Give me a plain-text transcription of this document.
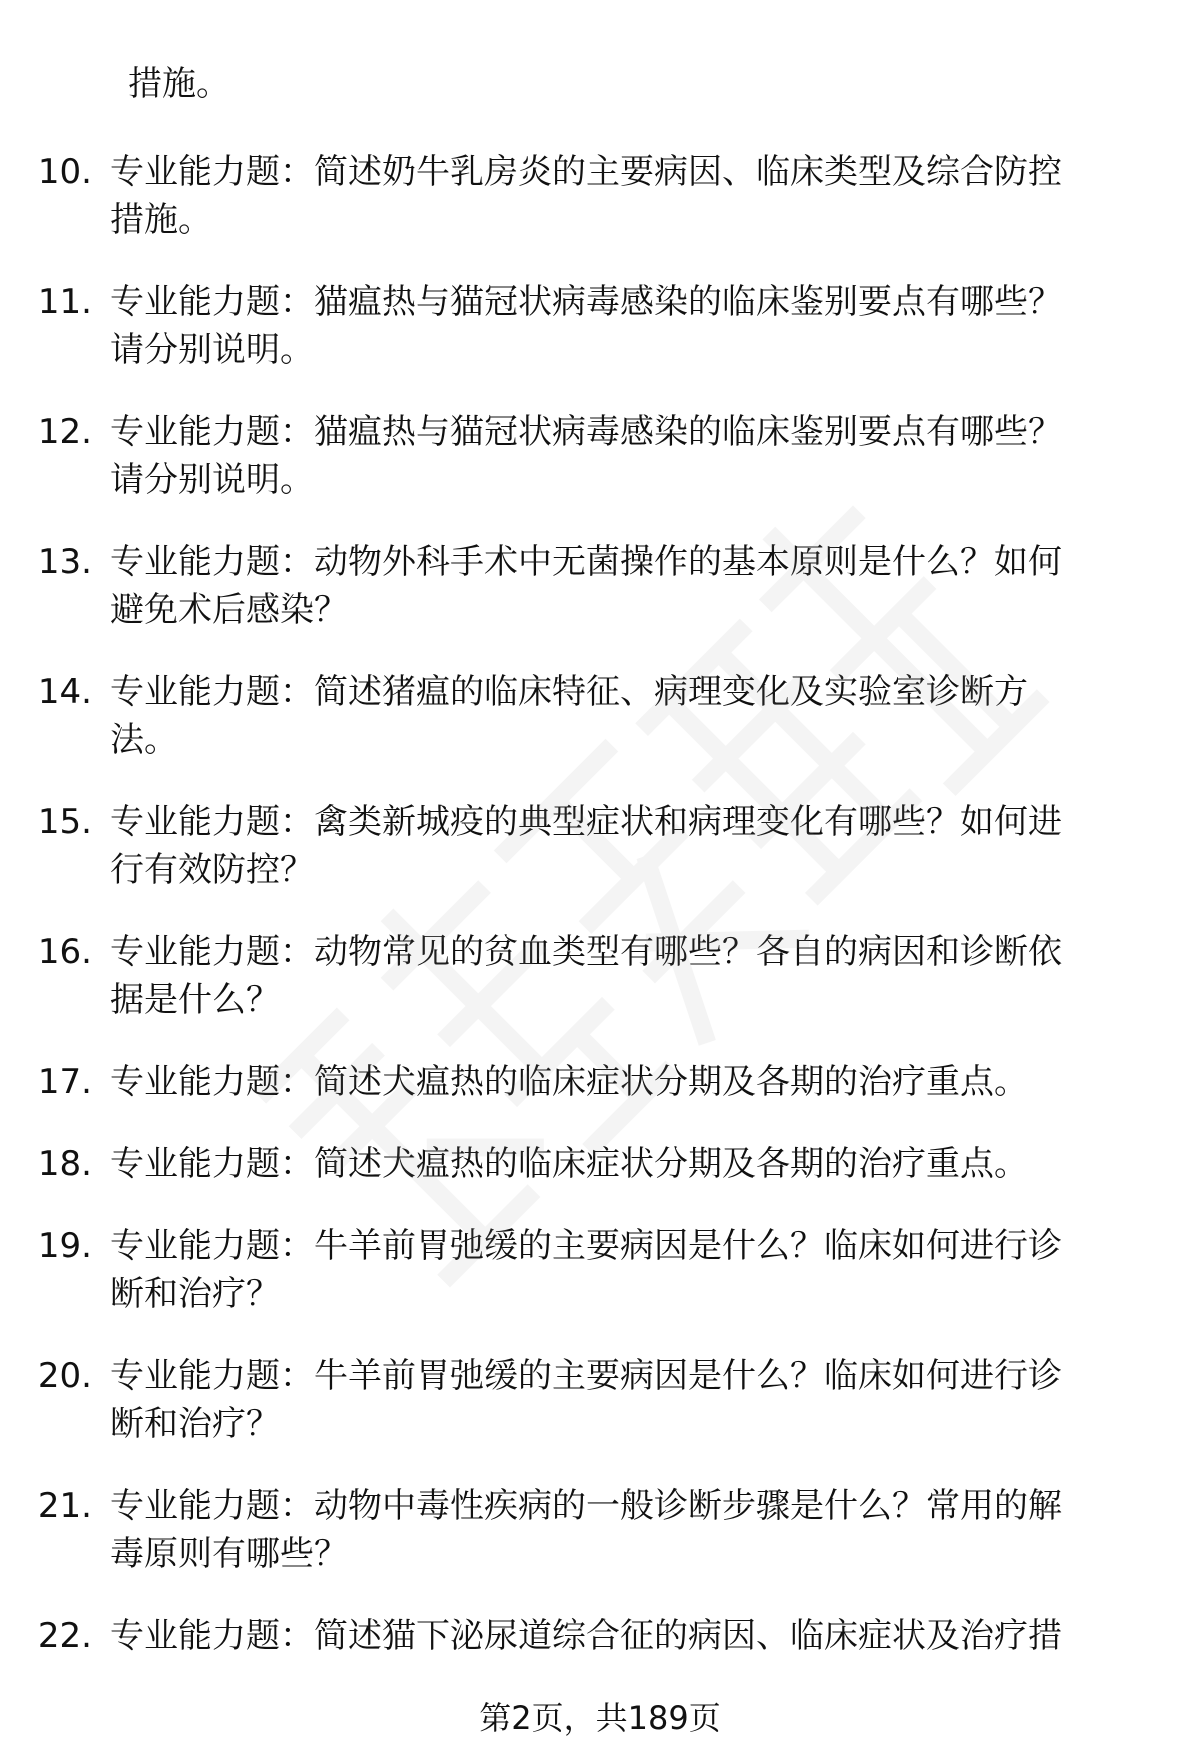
措施。
10. 专业能力题：简述奶牛乳房炎的主要病因、临床类型及综合防控
措施。
11. 专业能力题：猫瘟热与猫冠状病毒感染的临床鉴别要点有哪些？
请分别说明。
12. 专业能力题：猫瘟热与猫冠状病毒感染的临床鉴别要点有哪些？
请分别说明。
13. 专业能力题：动物外科手术中无菌操作的基本原则是什么？如何
避免术后感染？
14. 专业能力题：简述猪瘟的临床特征、病理变化及实验室诊断方
法。
15. 专业能力题：禽类新城疫的典型症状和病理变化有哪些？如何进
行有效防控？
16. 专业能力题：动物常见的贫血类型有哪些？各自的病因和诊断依
据是什么？
17. 专业能力题：简述犬瘟热的临床症状分期及各期的治疗重点。
18. 专业能力题：简述犬瘟热的临床症状分期及各期的治疗重点。
19. 专业能力题：牛羊前胃弛缓的主要病因是什么？临床如何进行诊
断和治疗？
20. 专业能力题：牛羊前胃弛缓的主要病因是什么？临床如何进行诊
断和治疗？
21. 专业能力题：动物中毒性疾病的一般诊断步骤是什么？常用的解
毒原则有哪些？
22. 专业能力题：简述猫下泌尿道综合征的病因、临床症状及治疗措
第2页，共189页
